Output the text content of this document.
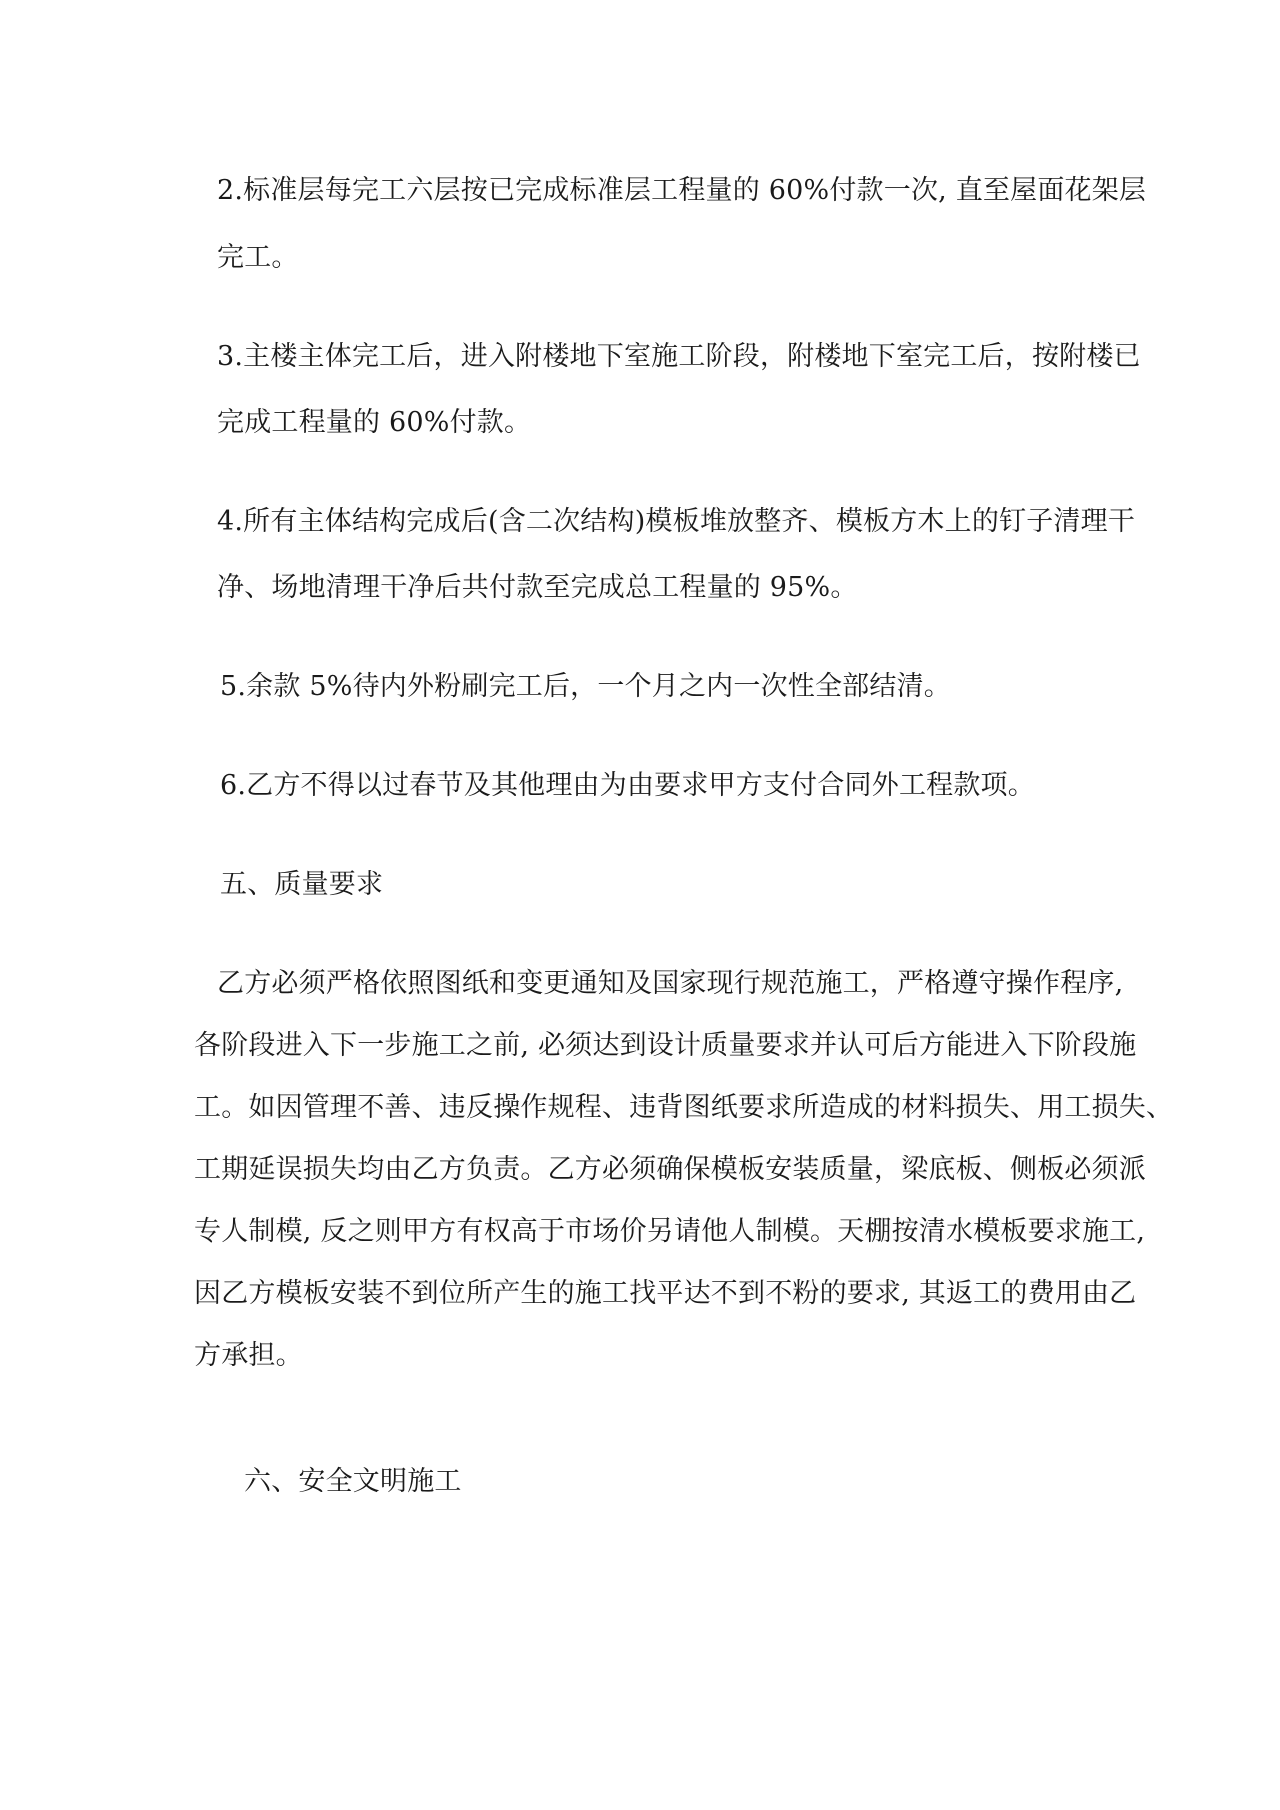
2.标准层每完工六层按已完成标准层工程量的 60%付款一次, 直至屋面花架层
完工。
3.主楼主体完工后，进入附楼地下室施工阶段，附楼地下室完工后，按附楼已
完成工程量的 60%付款。
4.所有主体结构完成后(含二次结构)模板堆放整齐、模板方木上的钉子清理干
净、场地清理干净后共付款至完成总工程量的 95%。
5.余款 5%待内外粉刷完工后，一个月之内一次性全部结清。
6.乙方不得以过春节及其他理由为由要求甲方支付合同外工程款项。
五、质量要求
乙方必须严格依照图纸和变更通知及国家现行规范施工，严格遵守操作程序,
各阶段进入下一步施工之前, 必须达到设计质量要求并认可后方能进入下阶段施
工。如因管理不善、违反操作规程、违背图纸要求所造成的材料损失、用工损失、
工期延误损失均由乙方负责。乙方必须确保模板安装质量，梁底板、侧板必须派
专人制模, 反之则甲方有权高于市场价另请他人制模。天棚按清水模板要求施工,
因乙方模板安装不到位所产生的施工找平达不到不粉的要求, 其返工的费用由乙
方承担。
六、安全文明施工
